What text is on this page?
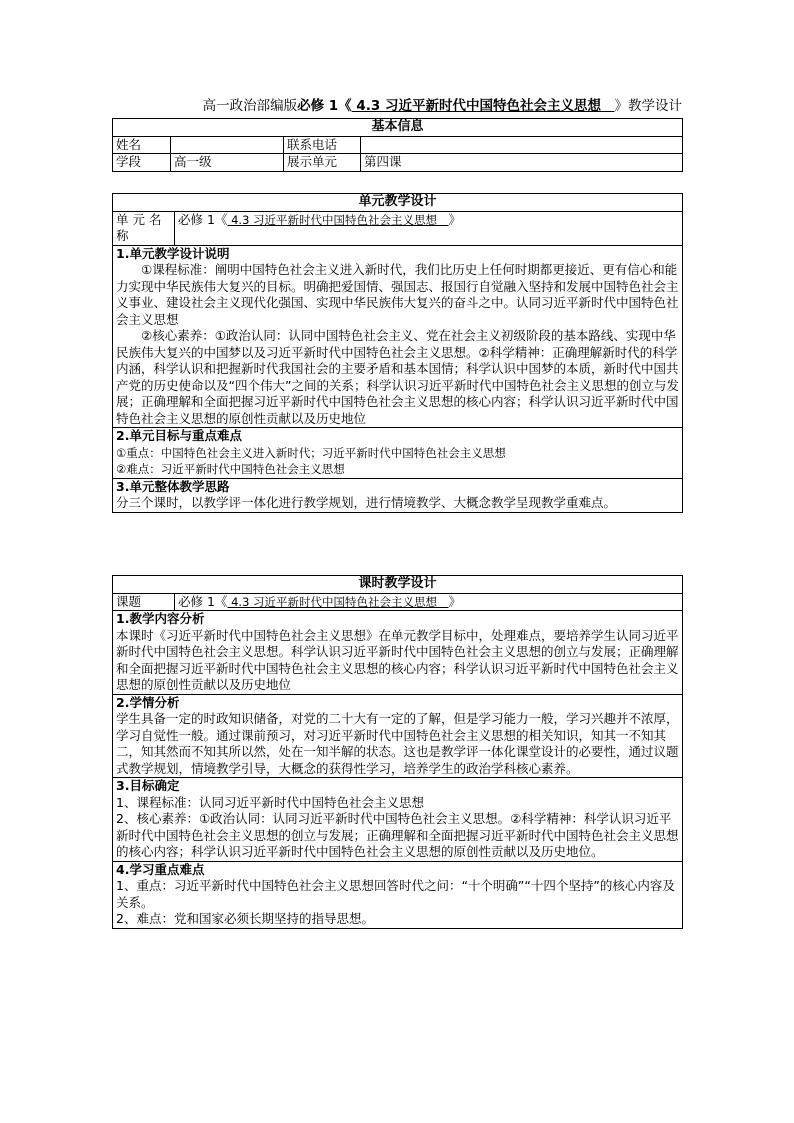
高一政治部编版必修 1《 4.3 习近平新时代中国特色社会主义思想　》教学设计
基本信息			
姓名		联系电话	
学段	高一级	展示单元	第四课
单元教学设计
单 元 名称	必修 1《 4.3 习近平新时代中国特色社会主义思想　》

1.单元教学设计说明
①课程标准：阐明中国特色社会主义进入新时代，我们比历史上任何时期都更接近、更有信心和能力实现中华民族伟大复兴的目标。明确把爱国情、强国志、报国行自觉融入坚持和发展中国特色社会主义事业、建设社会主义现代化强国、实现中华民族伟大复兴的奋斗之中。认同习近平新时代中国特色社会主义思想
②核心素养：①政治认同：认同中国特色社会主义、党在社会主义初级阶段的基本路线、实现中华民族伟大复兴的中国梦以及习近平新时代中国特色社会主义思想。②科学精神：正确理解新时代的科学内涵，科学认识和把握新时代我国社会的主要矛盾和基本国情；科学认识中国梦的本质，新时代中国共产党的历史使命以及“四个伟大”之间的关系；科学认识习近平新时代中国特色社会主义思想的创立与发展；正确理解和全面把握习近平新时代中国特色社会主义思想的核心内容；科学认识习近平新时代中国特色社会主义思想的原创性贡献以及历史地位

2.单元目标与重点难点
①重点：中国特色社会主义进入新时代；习近平新时代中国特色社会主义思想
②难点：习近平新时代中国特色社会主义思想

3.单元整体教学思路
分三个课时，以教学评一体化进行教学规划，进行情境教学、大概念教学呈现教学重难点。
课时教学设计
课题	必修 1《 4.3 习近平新时代中国特色社会主义思想　》

1.教学内容分析
本课时《习近平新时代中国特色社会主义思想》在单元教学目标中，处理难点，要培养学生认同习近平新时代中国特色社会主义思想。科学认识习近平新时代中国特色社会主义思想的创立与发展；正确理解和全面把握习近平新时代中国特色社会主义思想的核心内容；科学认识习近平新时代中国特色社会主义思想的原创性贡献以及历史地位

2.学情分析
学生具备一定的时政知识储备，对党的二十大有一定的了解，但是学习能力一般，学习兴趣并不浓厚，学习自觉性一般。通过课前预习，对习近平新时代中国特色社会主义思想的相关知识，知其一不知其二，知其然而不知其所以然，处在一知半解的状态。这也是教学评一体化课堂设计的必要性，通过议题式教学规划，情境教学引导，大概念的获得性学习，培养学生的政治学科核心素养。

3.目标确定
1、课程标准：认同习近平新时代中国特色社会主义思想
2、核心素养：①政治认同：认同习近平新时代中国特色社会主义思想。②科学精神：科学认识习近平新时代中国特色社会主义思想的创立与发展；正确理解和全面把握习近平新时代中国特色社会主义思想的核心内容；科学认识习近平新时代中国特色社会主义思想的原创性贡献以及历史地位。

4.学习重点难点
1、重点：习近平新时代中国特色社会主义思想回答时代之问：“十个明确”“十四个坚持”的核心内容及关系。
2、难点：党和国家必须长期坚持的指导思想。
